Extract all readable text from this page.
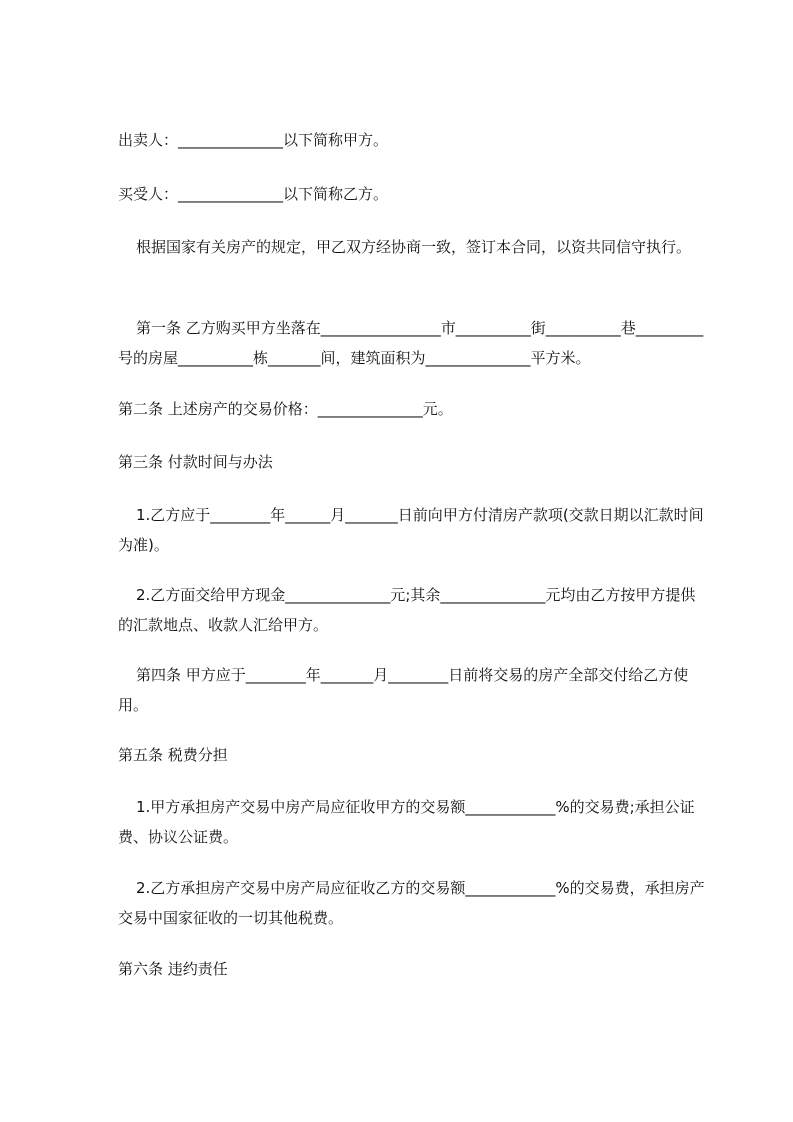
出卖人：______________以下简称甲方。

买受人：______________以下简称乙方。

根据国家有关房产的规定，甲乙双方经协商一致，签订本合同，以资共同信守执行。

第一条 乙方购买甲方坐落在________________市__________街__________巷_________号的房屋__________栋_______间，建筑面积为______________平方米。

第二条 上述房产的交易价格：______________元。

第三条 付款时间与办法

1.乙方应于________年______月_______日前向甲方付清房产款项(交款日期以汇款时间为准)。

2.乙方面交给甲方现金______________元;其余______________元均由乙方按甲方提供的汇款地点、收款人汇给甲方。

第四条 甲方应于________年_______月________日前将交易的房产全部交付给乙方使用。

第五条 税费分担

1.甲方承担房产交易中房产局应征收甲方的交易额____________%的交易费;承担公证费、协议公证费。

2.乙方承担房产交易中房产局应征收乙方的交易额____________%的交易费，承担房产交易中国家征收的一切其他税费。

第六条 违约责任
